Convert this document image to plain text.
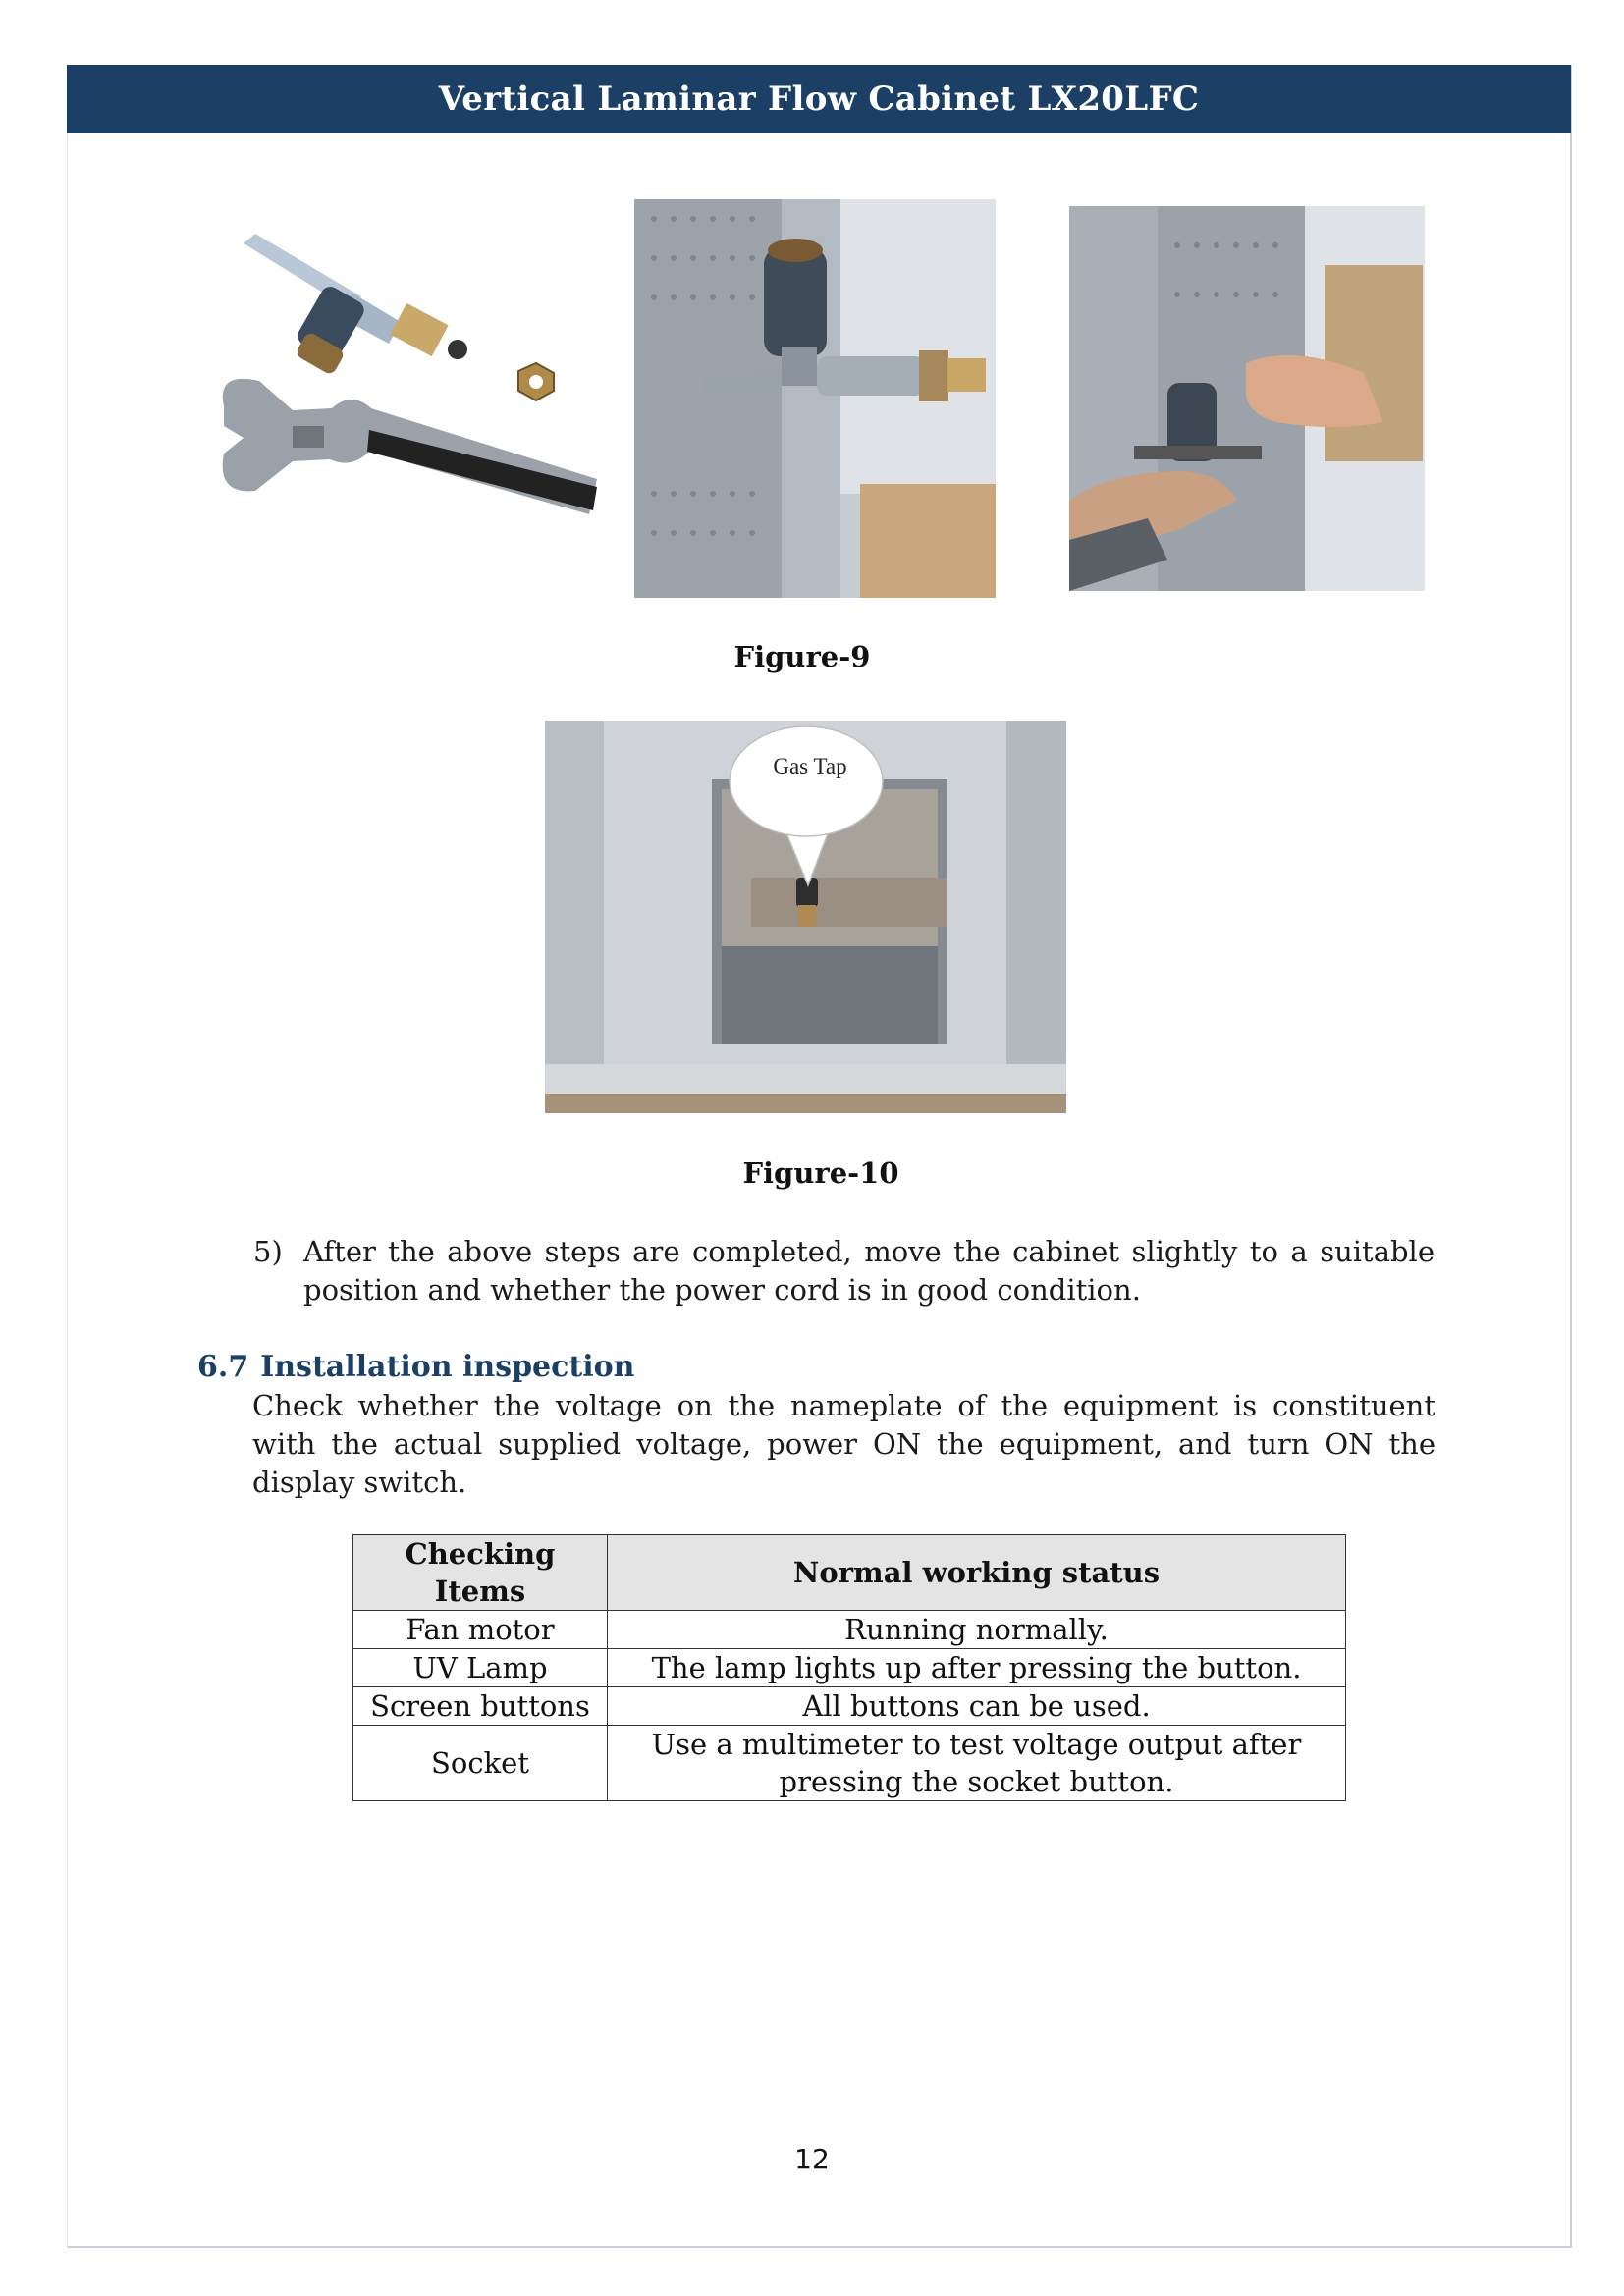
Vertical Laminar Flow Cabinet LX20LFC
Figure-9
Gas Tap
Figure-10
5) After the above steps are completed, move the cabinet slightly to a suitable position and whether the power cord is in good condition.
6.7 Installation inspection
Check whether the voltage on the nameplate of the equipment is constituent with the actual supplied voltage, power ON the equipment, and turn ON the display switch.
Checking Items	Normal working status
Fan motor	Running normally.
UV Lamp	The lamp lights up after pressing the button.
Screen buttons	All buttons can be used.
Socket	Use a multimeter to test voltage output after pressing the socket button.
12
